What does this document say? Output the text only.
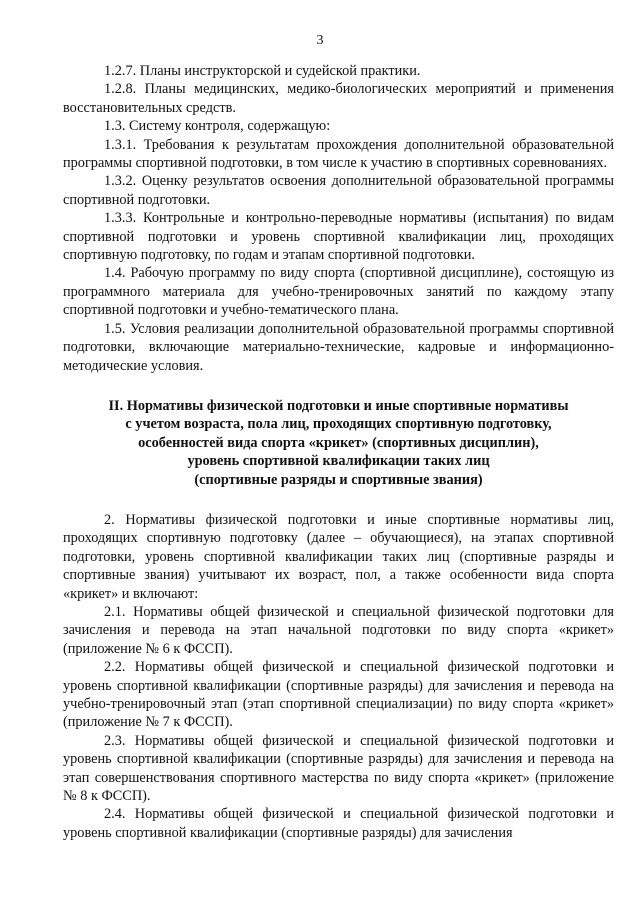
3

1.2.7. Планы инструкторской и судейской практики.

1.2.8. Планы медицинских, медико-биологических мероприятий и применения восстановительных средств.

1.3. Систему контроля, содержащую:

1.3.1. Требования к результатам прохождения дополнительной образовательной программы спортивной подготовки, в том числе к участию в спортивных соревнованиях.

1.3.2. Оценку результатов освоения дополнительной образовательной программы спортивной подготовки.

1.3.3. Контрольные и контрольно-переводные нормативы (испытания) по видам спортивной подготовки и уровень спортивной квалификации лиц, проходящих спортивную подготовку, по годам и этапам спортивной подготовки.

1.4. Рабочую программу по виду спорта (спортивной дисциплине), состоящую из программного материала для учебно-тренировочных занятий по каждому этапу спортивной подготовки и учебно-тематического плана.

1.5. Условия реализации дополнительной образовательной программы спортивной подготовки, включающие материально-технические, кадровые и информационно-методические условия.

II. Нормативы физической подготовки и иные спортивные нормативы
с учетом возраста, пола лиц, проходящих спортивную подготовку,
особенностей вида спорта «крикет» (спортивных дисциплин),
уровень спортивной квалификации таких лиц
(спортивные разряды и спортивные звания)

2. Нормативы физической подготовки и иные спортивные нормативы лиц, проходящих спортивную подготовку (далее – обучающиеся), на этапах спортивной подготовки, уровень спортивной квалификации таких лиц (спортивные разряды и спортивные звания) учитывают их возраст, пол, а также особенности вида спорта «крикет» и включают:

2.1. Нормативы общей физической и специальной физической подготовки для зачисления и перевода на этап начальной подготовки по виду спорта «крикет» (приложение № 6 к ФССП).

2.2. Нормативы общей физической и специальной физической подготовки и уровень спортивной квалификации (спортивные разряды) для зачисления и перевода на учебно-тренировочный этап (этап спортивной специализации) по виду спорта «крикет» (приложение № 7 к ФССП).

2.3. Нормативы общей физической и специальной физической подготовки и уровень спортивной квалификации (спортивные разряды) для зачисления и перевода на этап совершенствования спортивного мастерства по виду спорта «крикет» (приложение № 8 к ФССП).

2.4. Нормативы общей физической и специальной физической подготовки и уровень спортивной квалификации (спортивные разряды) для зачисления
